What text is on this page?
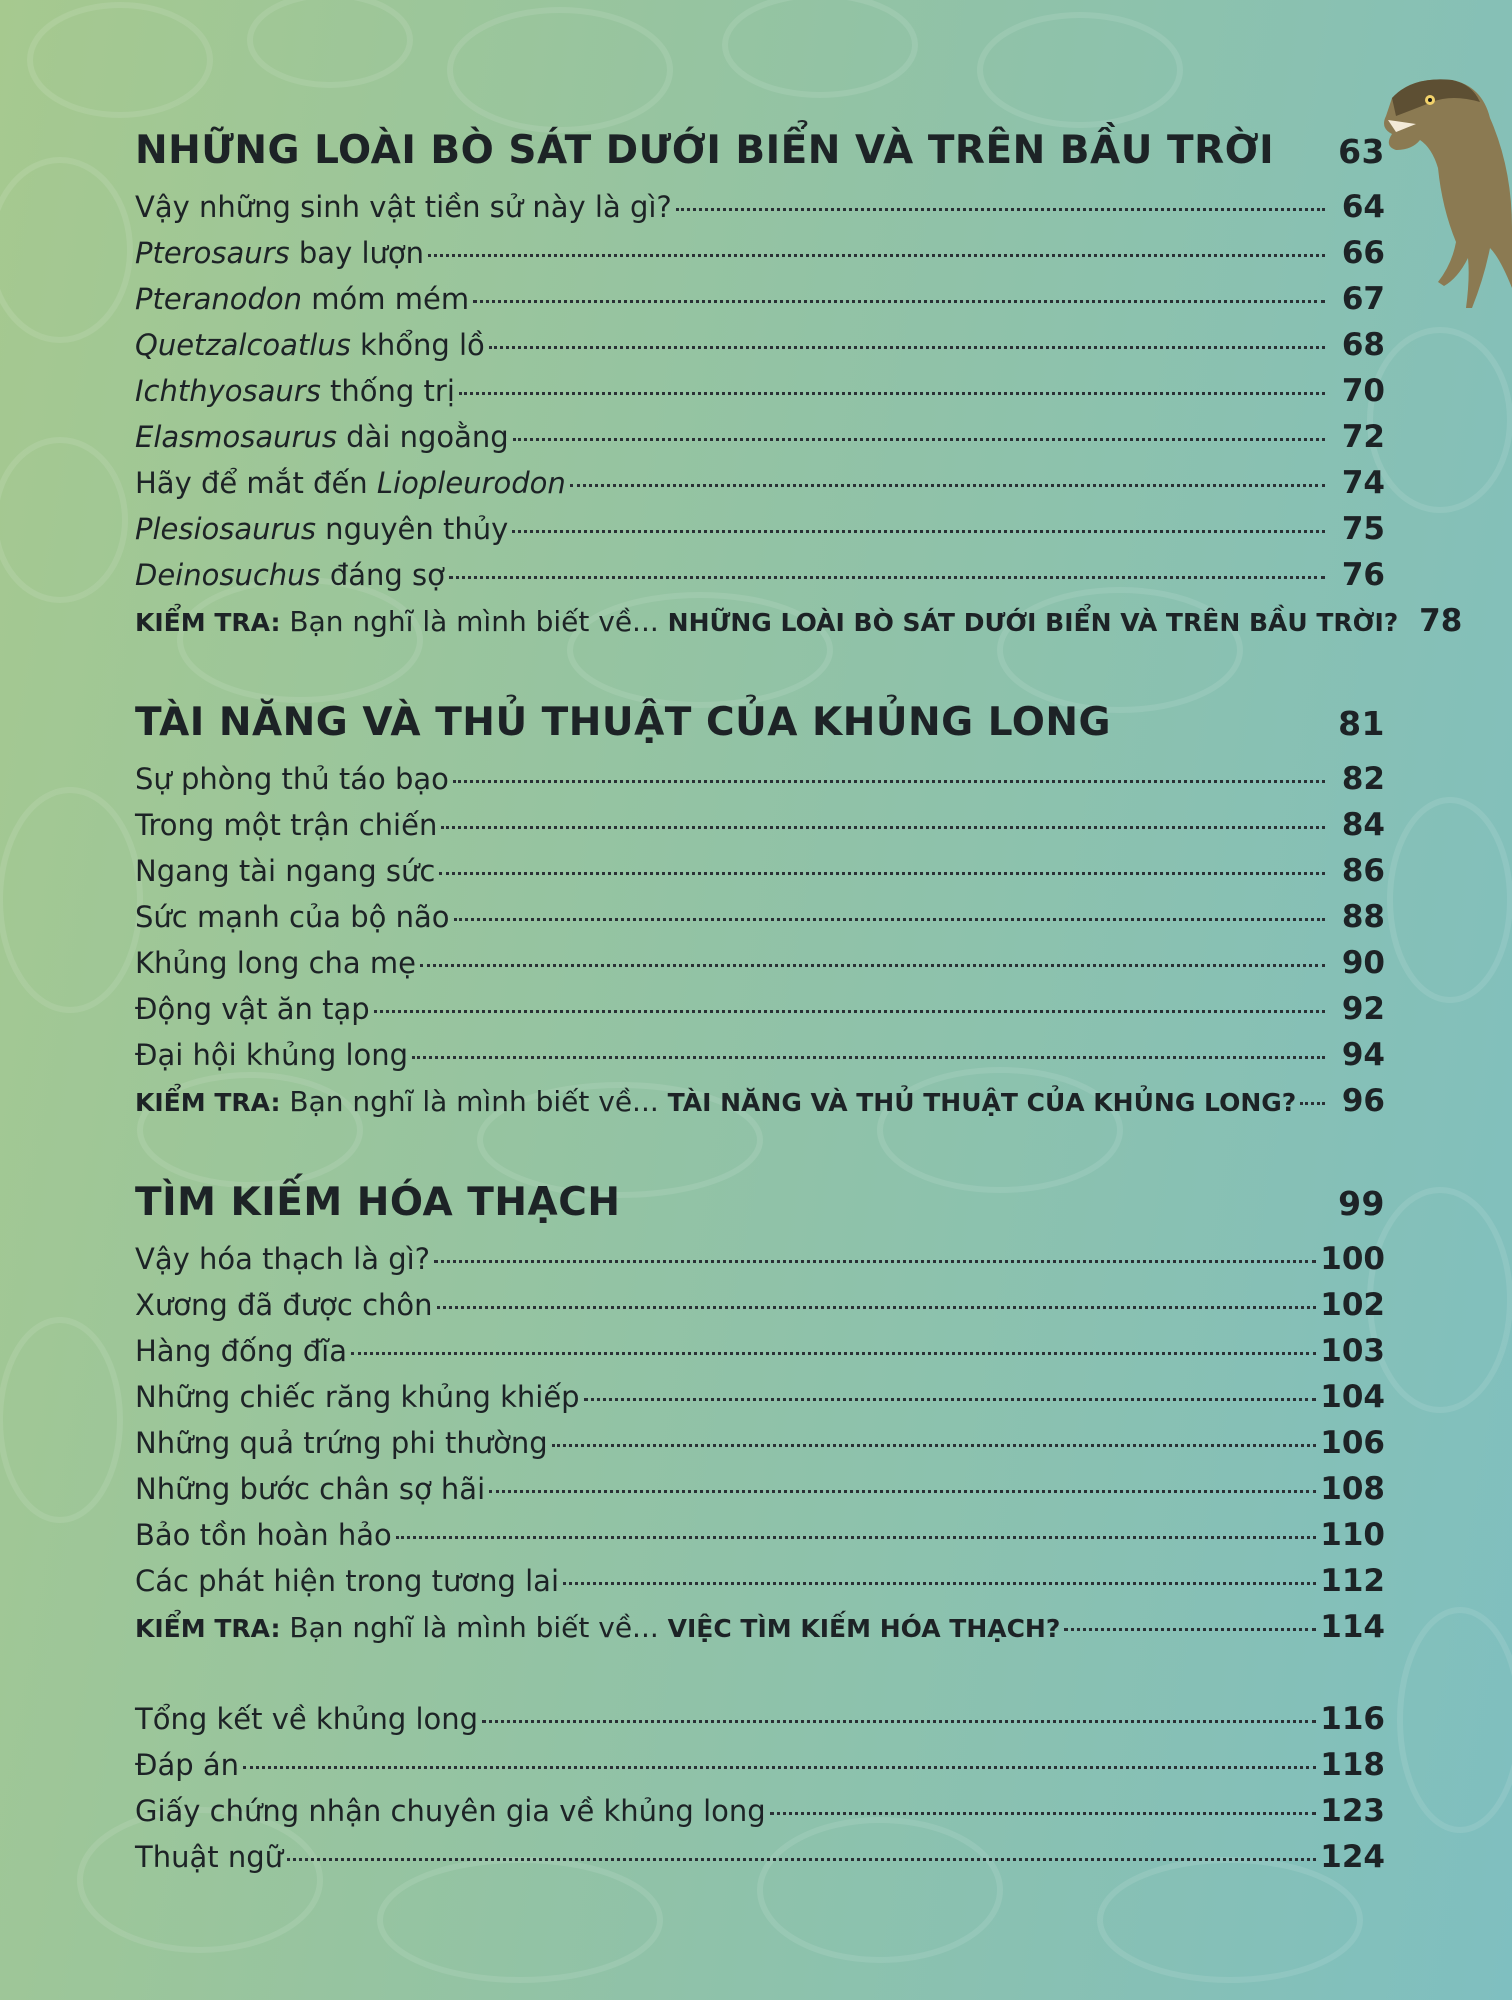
NHỮNG LOÀI BÒ SÁT DƯỚI BIỂN VÀ TRÊN BẦU TRỜI 63
Vậy những sinh vật tiền sử này là gì?	64
Pterosaurs bay lượn	66
Pteranodon móm mém	67
Quetzalcoatlus khổng lồ	68
Ichthyosaurs thống trị	70
Elasmosaurus dài ngoằng	72
Hãy để mắt đến Liopleurodon	74
Plesiosaurus nguyên thủy	75
Deinosuchus đáng sợ	76
KIỂM TRA: Bạn nghĩ là mình biết về... NHỮNG LOÀI BÒ SÁT DƯỚI BIỂN VÀ TRÊN BẦU TRỜI? 78
TÀI NĂNG VÀ THỦ THUẬT CỦA KHỦNG LONG	81
Sự phòng thủ táo bạo	82
Trong một trận chiến	84
Ngang tài ngang sức	86
Sức mạnh của bộ não	88
Khủng long cha mẹ	90
Động vật ăn tạp	92
Đại hội khủng long	94
KIỂM TRA: Bạn nghĩ là mình biết về... TÀI NĂNG VÀ THỦ THUẬT CỦA KHỦNG LONG?	96
TÌM KIẾM HÓA THẠCH	99
Vậy hóa thạch là gì?	100
Xương đã được chôn	102
Hàng đống đĩa	103
Những chiếc răng khủng khiếp	104
Những quả trứng phi thường	106
Những bước chân sợ hãi	108
Bảo tồn hoàn hảo	110
Các phát hiện trong tương lai	112
KIỂM TRA: Bạn nghĩ là mình biết về... VIỆC TÌM KIẾM HÓA THẠCH?	114
Tổng kết về khủng long	116
Đáp án	118
Giấy chứng nhận chuyên gia về khủng long	123
Thuật ngữ	124
